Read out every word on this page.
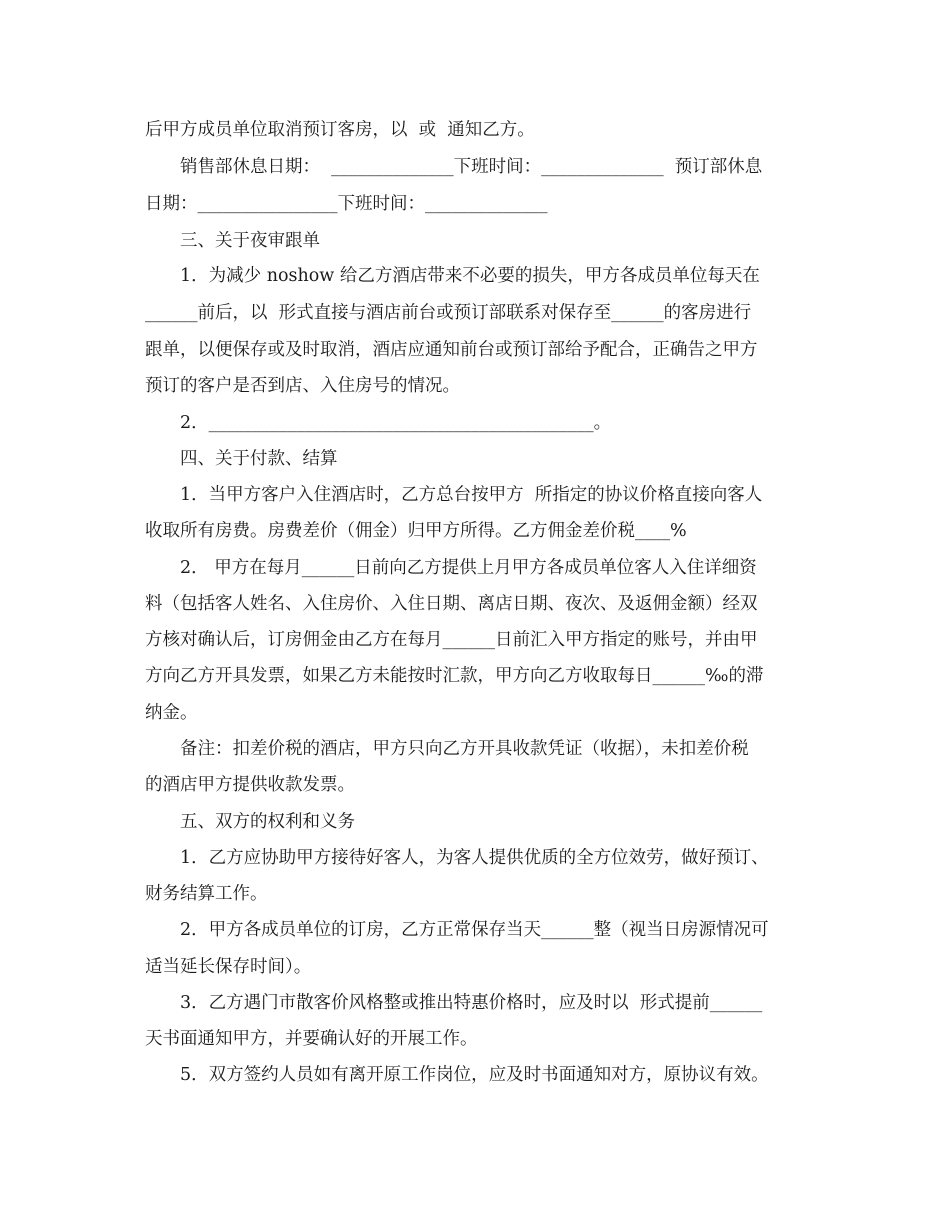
后甲方成员单位取消预订客房，以  或  通知乙方。
销售部休息日期：  ______________下班时间：______________  预订部休息
日期：________________下班时间：______________
三、关于夜审跟单
1．为减少 noshow 给乙方酒店带来不必要的损失，甲方各成员单位每天在
______前后，以  形式直接与酒店前台或预订部联系对保存至______的客房进行
跟单，以便保存或及时取消，酒店应通知前台或预订部给予配合，正确告之甲方
预订的客户是否到店、入住房号的情况。
2．____________________________________________。
四、关于付款、结算
1．当甲方客户入住酒店时，乙方总台按甲方  所指定的协议价格直接向客人
收取所有房费。房费差价（佣金）归甲方所得。乙方佣金差价税____%
2． 甲方在每月______日前向乙方提供上月甲方各成员单位客人入住详细资
料（包括客人姓名、入住房价、入住日期、离店日期、夜次、及返佣金额）经双
方核对确认后，订房佣金由乙方在每月______日前汇入甲方指定的账号，并由甲
方向乙方开具发票，如果乙方未能按时汇款，甲方向乙方收取每日______‰的滞
纳金。
备注：扣差价税的酒店，甲方只向乙方开具收款凭证（收据），未扣差价税
的酒店甲方提供收款发票。
五、双方的权利和义务
1．乙方应协助甲方接待好客人，为客人提供优质的全方位效劳，做好预订、
财务结算工作。
2．甲方各成员单位的订房，乙方正常保存当天______整（视当日房源情况可
适当延长保存时间）。
3．乙方遇门市散客价风格整或推出特惠价格时，应及时以  形式提前______
天书面通知甲方，并要确认好的开展工作。
5．双方签约人员如有离开原工作岗位，应及时书面通知对方，原协议有效。
